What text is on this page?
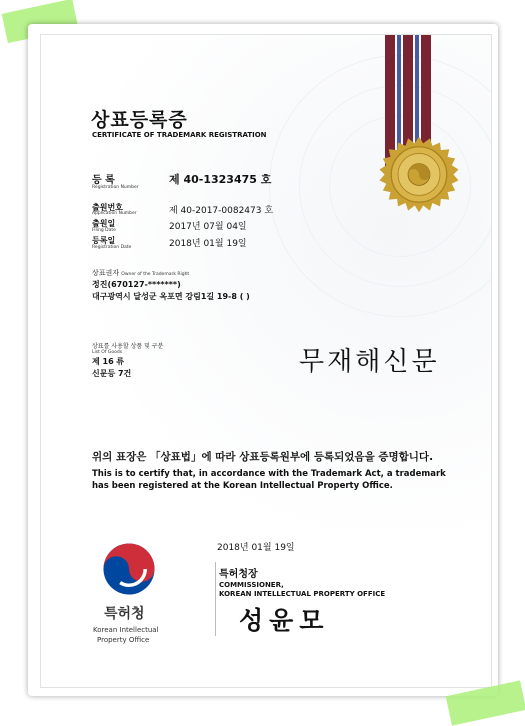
상표등록증
CERTIFICATE OF TRADEMARK REGISTRATION
등 록
Registration Number
제 40-1323475 호
출원번호
Application Number	제 40-2017-0082473 호
출원일
Filing Date	2017년 07월 04일
등록일
Registration Date	2018년 01월 19일
상표권자 Owner of the Trademark Right
정진(670127-*******)
대구광역시 달성군 옥포면 강림1길 19-8 ( )
상표를 사용할 상품 및 구분
List Of Goods
제 16 류
신문등 7건	무재해신문
위의 표장은 「상표법」에 따라 상표등록원부에 등록되었음을 증명합니다.
This is to certify that, in accordance with the Trademark Act, a trademark
has been registered at the Korean Intellectual Property Office.
2018년 01월 19일
특허청장
COMMISSIONER,
KOREAN INTELLECTUAL PROPERTY OFFICE
성윤모
특허청
Korean Intellectual
Property Office
